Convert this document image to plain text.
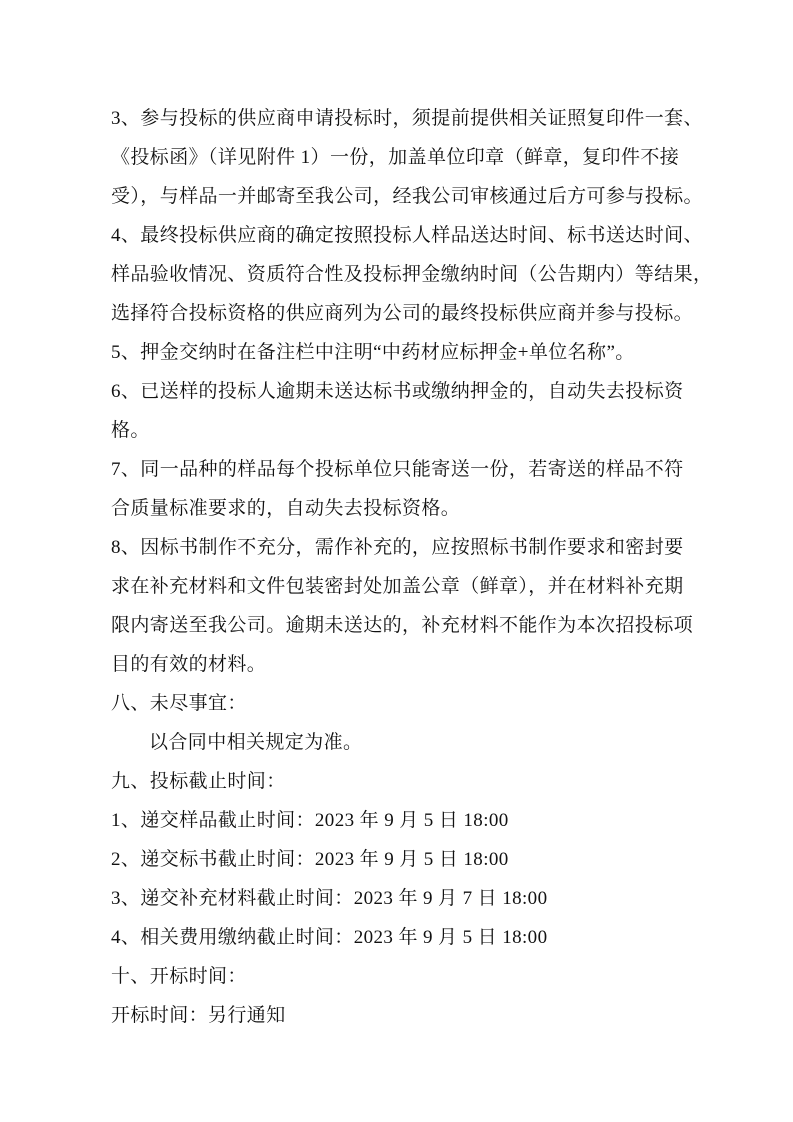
3、参与投标的供应商申请投标时，须提前提供相关证照复印件一套、
《投标函》（详见附件 1）一份，加盖单位印章（鲜章，复印件不接
受），与样品一并邮寄至我公司，经我公司审核通过后方可参与投标。
4、最终投标供应商的确定按照投标人样品送达时间、标书送达时间、
样品验收情况、资质符合性及投标押金缴纳时间（公告期内）等结果，
选择符合投标资格的供应商列为公司的最终投标供应商并参与投标。
5、押金交纳时在备注栏中注明“中药材应标押金+单位名称”。
6、已送样的投标人逾期未送达标书或缴纳押金的，自动失去投标资
格。
7、同一品种的样品每个投标单位只能寄送一份，若寄送的样品不符
合质量标准要求的，自动失去投标资格。
8、因标书制作不充分，需作补充的，应按照标书制作要求和密封要
求在补充材料和文件包装密封处加盖公章（鲜章），并在材料补充期
限内寄送至我公司。逾期未送达的，补充材料不能作为本次招投标项
目的有效的材料。
八、未尽事宜：
以合同中相关规定为准。
九、投标截止时间：
1、递交样品截止时间：2023 年 9 月 5 日 18:00
2、递交标书截止时间：2023 年 9 月 5 日 18:00
3、递交补充材料截止时间：2023 年 9 月 7 日 18:00
4、相关费用缴纳截止时间：2023 年 9 月 5 日 18:00
十、开标时间：
开标时间：另行通知
